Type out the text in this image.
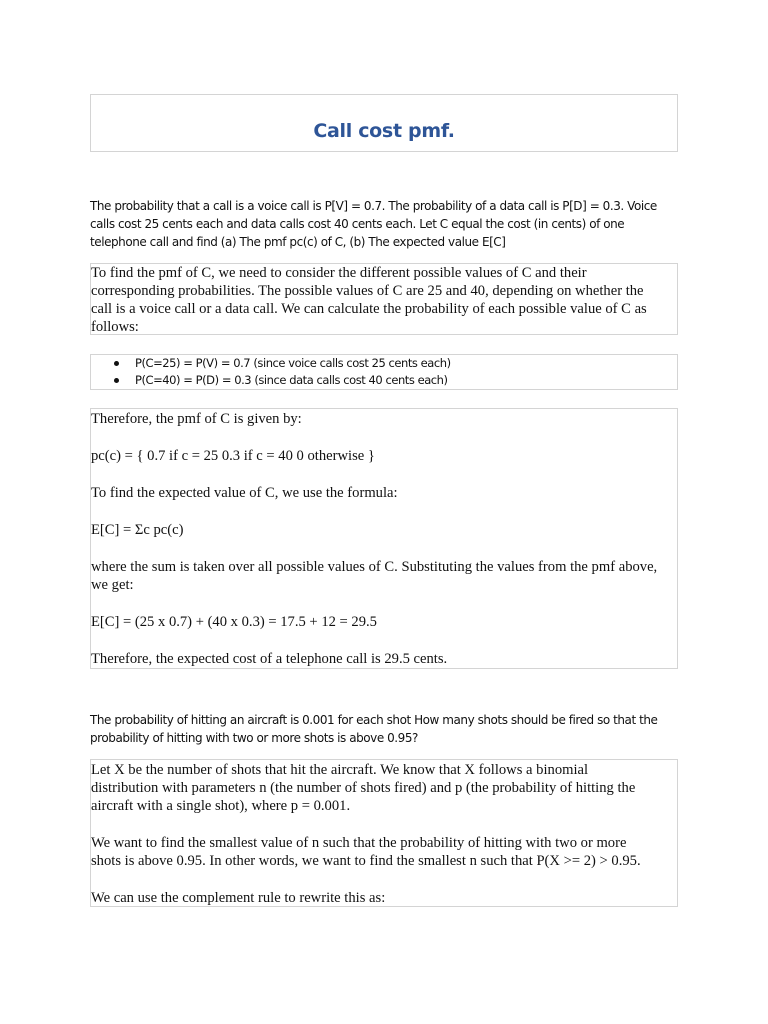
Call cost pmf.
The probability that a call is a voice call is P[V] = 0.7. The probability of a data call is P[D] = 0.3. Voice
calls cost 25 cents each and data calls cost 40 cents each. Let C equal the cost (in cents) of one
telephone call and find (a) The pmf pc(c) of C, (b) The expected value E[C]

To find the pmf of C, we need to consider the different possible values of C and their

corresponding probabilities. The possible values of C are 25 and 40, depending on whether the

call is a voice call or a data call. We can calculate the probability of each possible value of C as

follows:

P(C=25) = P(V) = 0.7 (since voice calls cost 25 cents each)
P(C=40) = P(D) = 0.3 (since data calls cost 40 cents each)

Therefore, the pmf of C is given by:

pc(c) = { 0.7 if c = 25 0.3 if c = 40 0 otherwise }

To find the expected value of C, we use the formula:

E[C] = Σc pc(c)

where the sum is taken over all possible values of C. Substituting the values from the pmf above,

we get:

E[C] = (25 x 0.7) + (40 x 0.3) = 17.5 + 12 = 29.5

Therefore, the expected cost of a telephone call is 29.5 cents.

The probability of hitting an aircraft is 0.001 for each shot How many shots should be fired so that the
probability of hitting with two or more shots is above 0.95?

Let X be the number of shots that hit the aircraft. We know that X follows a binomial

distribution with parameters n (the number of shots fired) and p (the probability of hitting the

aircraft with a single shot), where p = 0.001.

We want to find the smallest value of n such that the probability of hitting with two or more

shots is above 0.95. In other words, we want to find the smallest n such that P(X >= 2) > 0.95.

We can use the complement rule to rewrite this as:
